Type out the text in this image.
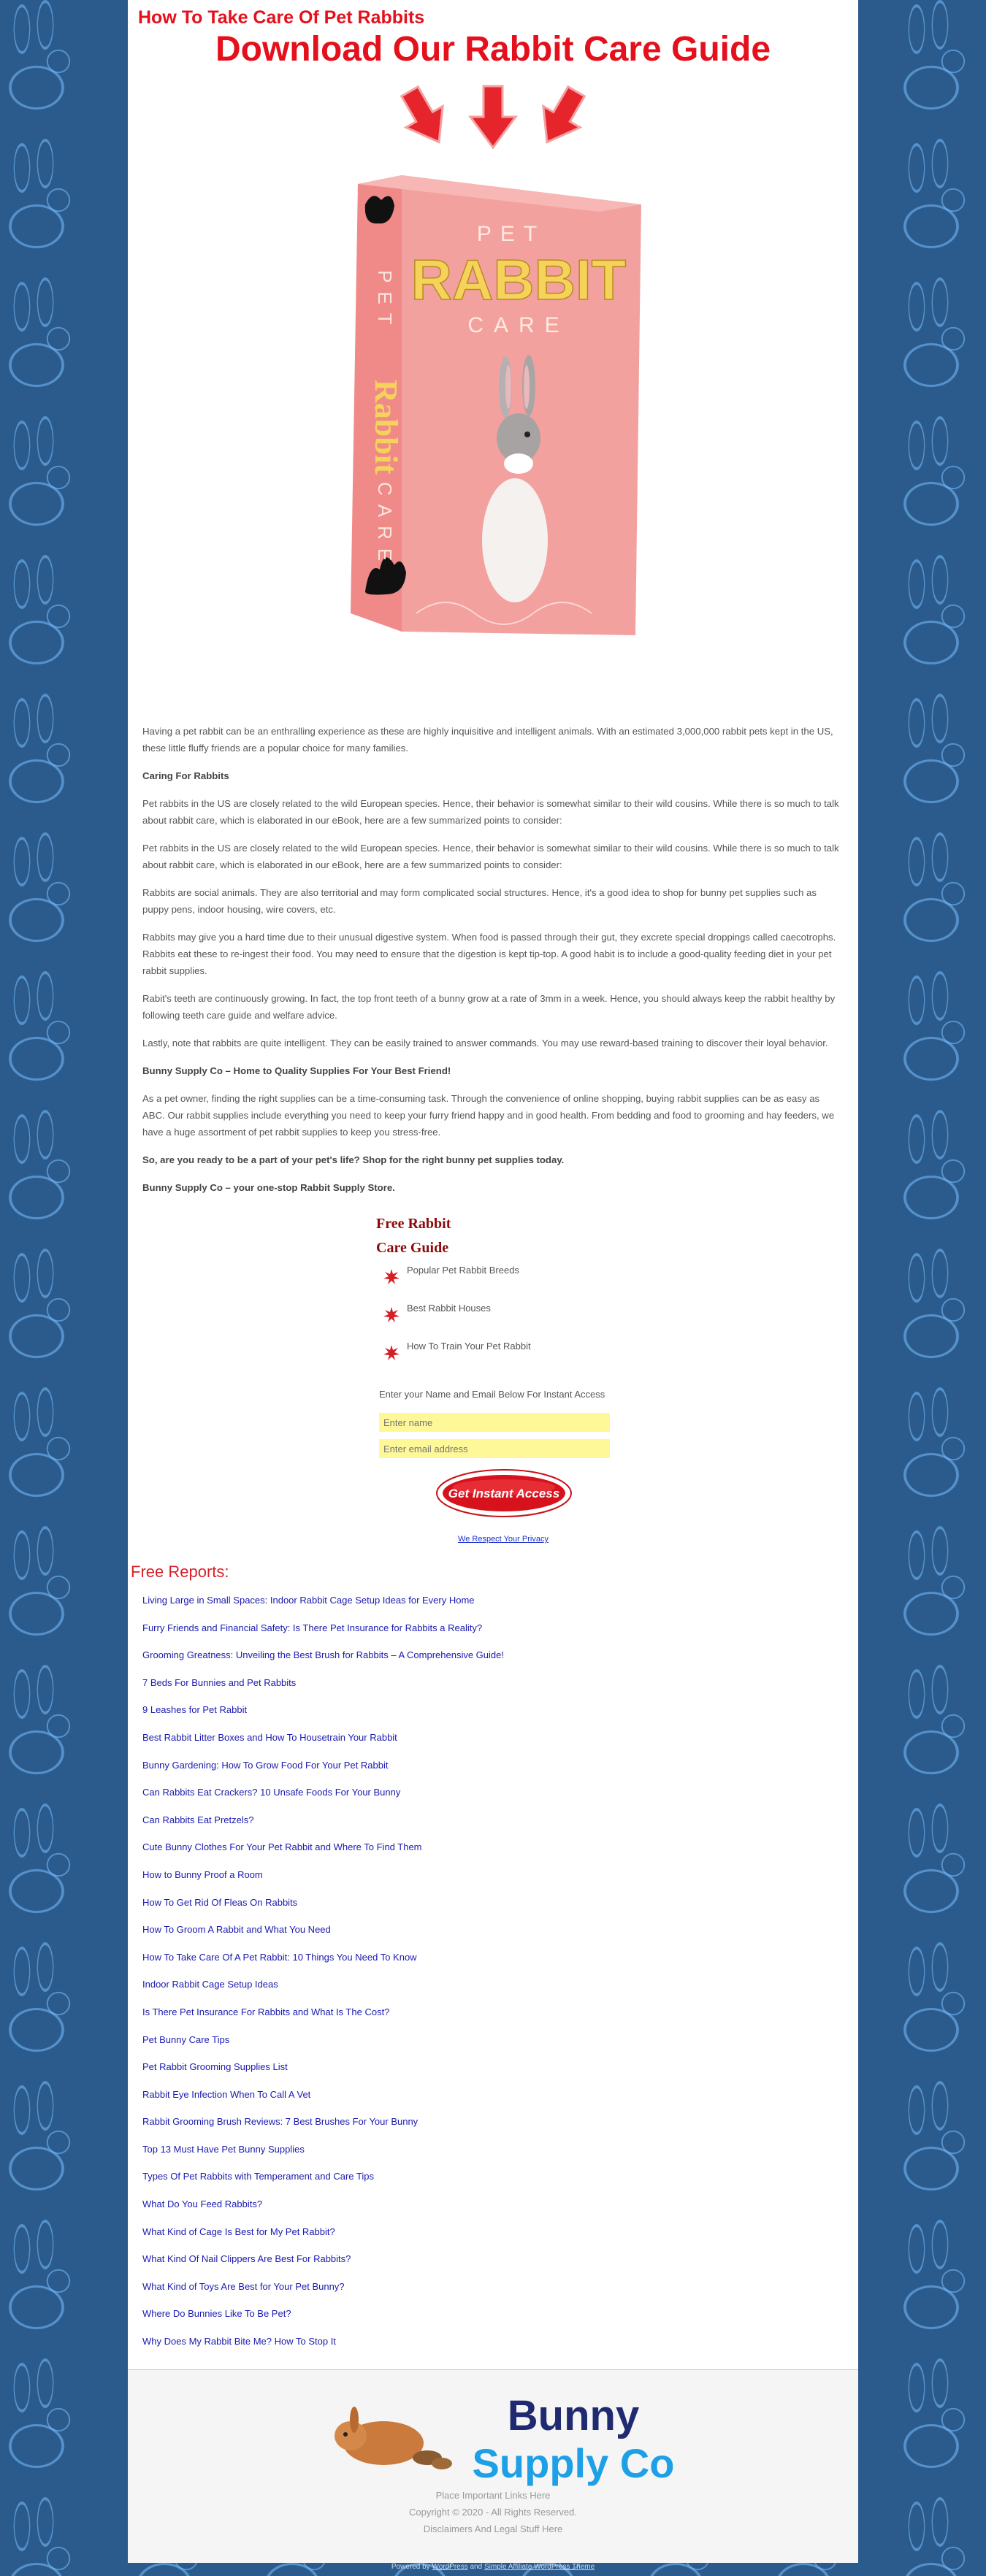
How To Take Care Of Pet Rabbits
Download Our Rabbit Care Guide

PET
RABBIT
CARE
PET
Rabbit
CARE

Having a pet rabbit can be an enthralling experience as these are highly inquisitive and intelligent animals. With an estimated 3,000,000 rabbit pets kept in the US, these little fluffy friends are a popular choice for many families.

Caring For Rabbits

Pet rabbits in the US are closely related to the wild European species. Hence, their behavior is somewhat similar to their wild cousins. While there is so much to talk about rabbit care, which is elaborated in our eBook, here are a few summarized points to consider:

Pet rabbits in the US are closely related to the wild European species. Hence, their behavior is somewhat similar to their wild cousins. While there is so much to talk about rabbit care, which is elaborated in our eBook, here are a few summarized points to consider:

Rabbits are social animals. They are also territorial and may form complicated social structures. Hence, it's a good idea to shop for bunny pet supplies such as puppy pens, indoor housing, wire covers, etc.

Rabbits may give you a hard time due to their unusual digestive system. When food is passed through their gut, they excrete special droppings called caecotrophs. Rabbits eat these to re-ingest their food. You may need to ensure that the digestion is kept tip-top. A good habit is to include a good-quality feeding diet in your pet rabbit supplies.

Rabit's teeth are continuously growing. In fact, the top front teeth of a bunny grow at a rate of 3mm in a week. Hence, you should always keep the rabbit healthy by following teeth care guide and welfare advice.

Lastly, note that rabbits are quite intelligent. They can be easily trained to answer commands. You may use reward-based training to discover their loyal behavior.

Bunny Supply Co – Home to Quality Supplies For Your Best Friend!

As a pet owner, finding the right supplies can be a time-consuming task. Through the convenience of online shopping, buying rabbit supplies can be as easy as ABC. Our rabbit supplies include everything you need to keep your furry friend happy and in good health. From bedding and food to grooming and hay feeders, we have a huge assortment of pet rabbit supplies to keep you stress-free.

So, are you ready to be a part of your pet's life? Shop for the right bunny pet supplies today.

Bunny Supply Co – your one-stop Rabbit Supply Store.

Free Rabbit
Care Guide
Popular Pet Rabbit Breeds
Best Rabbit Houses
How To Train Your Pet Rabbit
Enter your Name and Email Below For Instant Access
Enter name
Enter email address
Get Instant Access
We Respect Your Privacy
Free Reports:
Living Large in Small Spaces: Indoor Rabbit Cage Setup Ideas for Every Home
Furry Friends and Financial Safety: Is There Pet Insurance for Rabbits a Reality?
Grooming Greatness: Unveiling the Best Brush for Rabbits – A Comprehensive Guide!
7 Beds For Bunnies and Pet Rabbits
9 Leashes for Pet Rabbit
Best Rabbit Litter Boxes and How To Housetrain Your Rabbit
Bunny Gardening: How To Grow Food For Your Pet Rabbit
Can Rabbits Eat Crackers? 10 Unsafe Foods For Your Bunny
Can Rabbits Eat Pretzels?
Cute Bunny Clothes For Your Pet Rabbit and Where To Find Them
How to Bunny Proof a Room
How To Get Rid Of Fleas On Rabbits
How To Groom A Rabbit and What You Need
How To Take Care Of A Pet Rabbit: 10 Things You Need To Know
Indoor Rabbit Cage Setup Ideas
Is There Pet Insurance For Rabbits and What Is The Cost?
Pet Bunny Care Tips
Pet Rabbit Grooming Supplies List
Rabbit Eye Infection When To Call A Vet
Rabbit Grooming Brush Reviews: 7 Best Brushes For Your Bunny
Top 13 Must Have Pet Bunny Supplies
Types Of Pet Rabbits with Temperament and Care Tips
What Do You Feed Rabbits?
What Kind of Cage Is Best for My Pet Rabbit?
What Kind Of Nail Clippers Are Best For Rabbits?
What Kind of Toys Are Best for Your Pet Bunny?
Where Do Bunnies Like To Be Pet?
Why Does My Rabbit Bite Me? How To Stop It
Bunny
Supply Co
Place Important Links Here
Copyright © 2020 - All Rights Reserved.
Disclaimers And Legal Stuff Here
Powered by WordPress and Simple Affiliate WordPress Theme
